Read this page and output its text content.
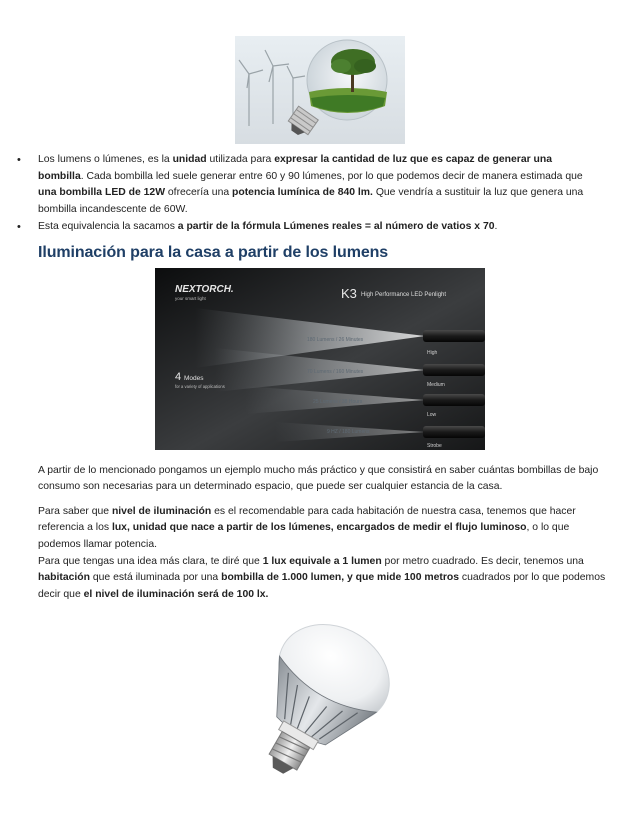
• Los lumens o lúmenes, es la unidad utilizada para expresar la cantidad de luz que es capaz de generar una bombilla. Cada bombilla led suele generar entre 60 y 90 lúmenes, por lo que podemos decir de manera estimada que una bombilla LED de 12W ofrecería una potencia lumínica de 840 lm. Que vendría a sustituir la luz que genera una bombilla incandescente de 60W.
• Esta equivalencia la sacamos a partir de la fórmula Lúmenes reales = al número de vatios x 70.
Iluminación para la casa a partir de los lumens
NEXTORCH.
your smart light	K3 High Performance LED Penlight
4 Modes
for a variety of applications
180 Lumens / 26 Minutes
70 Lumens / 160 Minutes
25 Lumens / 38 Hours
9 HZ / 180 Lumens
High
Medium
Low
Strobe

A partir de lo mencionado pongamos un ejemplo mucho más práctico y que consistirá en saber cuántas bombillas de bajo consumo son necesarias para un determinado espacio, que puede ser cualquier estancia de la casa.

Para saber que nivel de iluminación es el recomendable para cada habitación de nuestra casa, tenemos que hacer referencia a los lux, unidad que nace a partir de los lúmenes, encargados de medir el flujo luminoso, o lo que podemos llamar potencia.

Para que tengas una idea más clara, te diré que 1 lux equivale a 1 lumen por metro cuadrado. Es decir, tenemos una habitación que está iluminada por una bombilla de 1.000 lumen, y que mide 100 metros cuadrados por lo que podemos decir que el nivel de iluminación será de 100 lx.
